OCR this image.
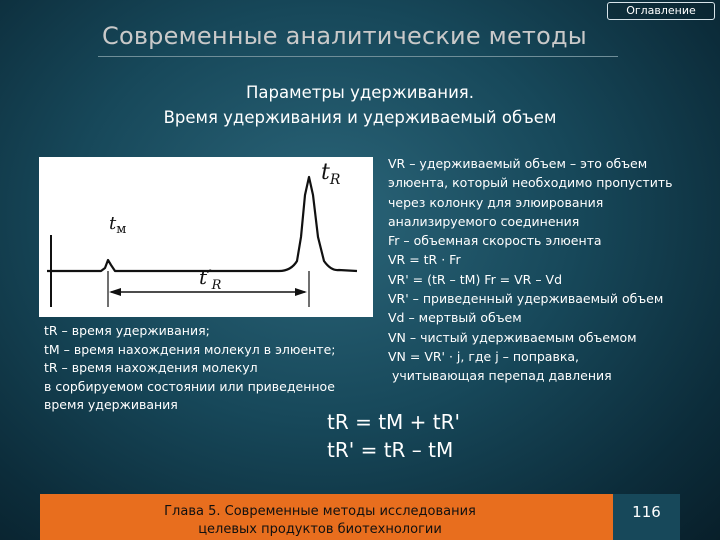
Оглавление
Современные аналитические методы
Параметры удерживания.
Время удерживания и удерживаемый объем
$t_м$
$t_R$
$t'_R$
tR – время удерживания;
tM – время нахождения молекул в элюенте;
tR – время нахождения молекул
в сорбируемом состоянии или приведенное
время удерживания
VR – удерживаемый объем – это объем
элюента, который необходимо пропустить
через колонку для элюирования
анализируемого соединения
Fr – объемная скорость элюента
VR = tR · Fr
VR' = (tR – tM) Fr = VR – Vd
VR' – приведенный удерживаемый объем
Vd – мертвый объем
VN – чистый удерживаемым объемом
VN = VR' · j, где j – поправка,
учитывающая перепад давления
tR = tM + tR'
tR' = tR – tM
Глава 5. Современные методы исследования
целевых продуктов биотехнологии
116
